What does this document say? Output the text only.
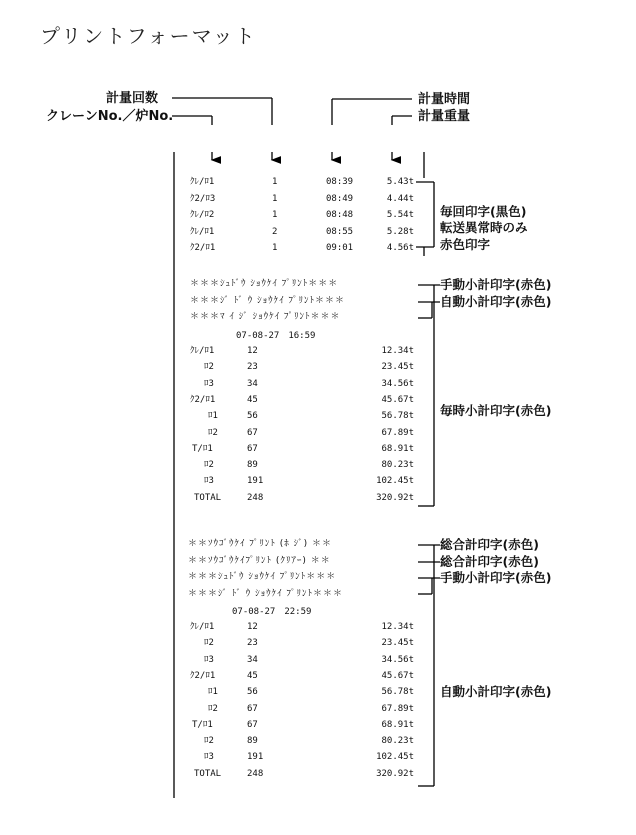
プリントフォーマット
計量回数
クレーンNo.／炉No.
計量時間
計量重量
毎回印字(黒色)
転送異常時のみ
赤色印字
手動小計印字(赤色)
自動小計印字(赤色)
07-08-27　16:59
毎時小計印字(赤色)
総合計印字(赤色)
総合計印字(赤色)
手動小計印字(赤色)
07-08-27　22:59
自動小計印字(赤色)
ｸﾚ/ﾛ1	1	08:39	5.43t
ｸ2/ﾛ3	1	08:49	4.44t
ｸﾚ/ﾛ2	1	08:48	5.54t
ｸﾚ/ﾛ1	2	08:55	5.28t
ｸ2/ﾛ1	1	09:01	4.56t
＊＊＊ｼｭﾄﾞｳ ｼｮｳｹｲ ﾌﾟﾘﾝﾄ＊＊＊
＊＊＊ｼﾞ ﾄﾞ ｳ ｼｮｳｹｲ ﾌﾟﾘﾝﾄ＊＊＊
＊＊＊ﾏ ｲ ｼﾞ ｼｮｳｹｲ ﾌﾟﾘﾝﾄ＊＊＊
ｸﾚ/ﾛ1	12	12.34t
ﾛ2	23	23.45t
ﾛ3	34	34.56t
ｸ2/ﾛ1	45	45.67t
ﾛ1	56	56.78t
ﾛ2	67	67.89t
T/ﾛ1	67	68.91t
ﾛ2	89	80.23t
ﾛ3	191	102.45t
TOTAL	248	320.92t
＊＊ｿｳｺﾞｳｹｲ ﾌﾟﾘﾝﾄ (ﾎ ｼﾞ) ＊＊
＊＊ｿｳｺﾞｳｹｲﾌﾟﾘﾝﾄ (ｸﾘｱｰ) ＊＊
＊＊＊ｼｭﾄﾞｳ ｼｮｳｹｲ ﾌﾟﾘﾝﾄ＊＊＊
＊＊＊ｼﾞ ﾄﾞ ｳ ｼｮｳｹｲ ﾌﾟﾘﾝﾄ＊＊＊
ｸﾚ/ﾛ1	12	12.34t
ﾛ2	23	23.45t
ﾛ3	34	34.56t
ｸ2/ﾛ1	45	45.67t
ﾛ1	56	56.78t
ﾛ2	67	67.89t
T/ﾛ1	67	68.91t
ﾛ2	89	80.23t
ﾛ3	191	102.45t
TOTAL	248	320.92t
